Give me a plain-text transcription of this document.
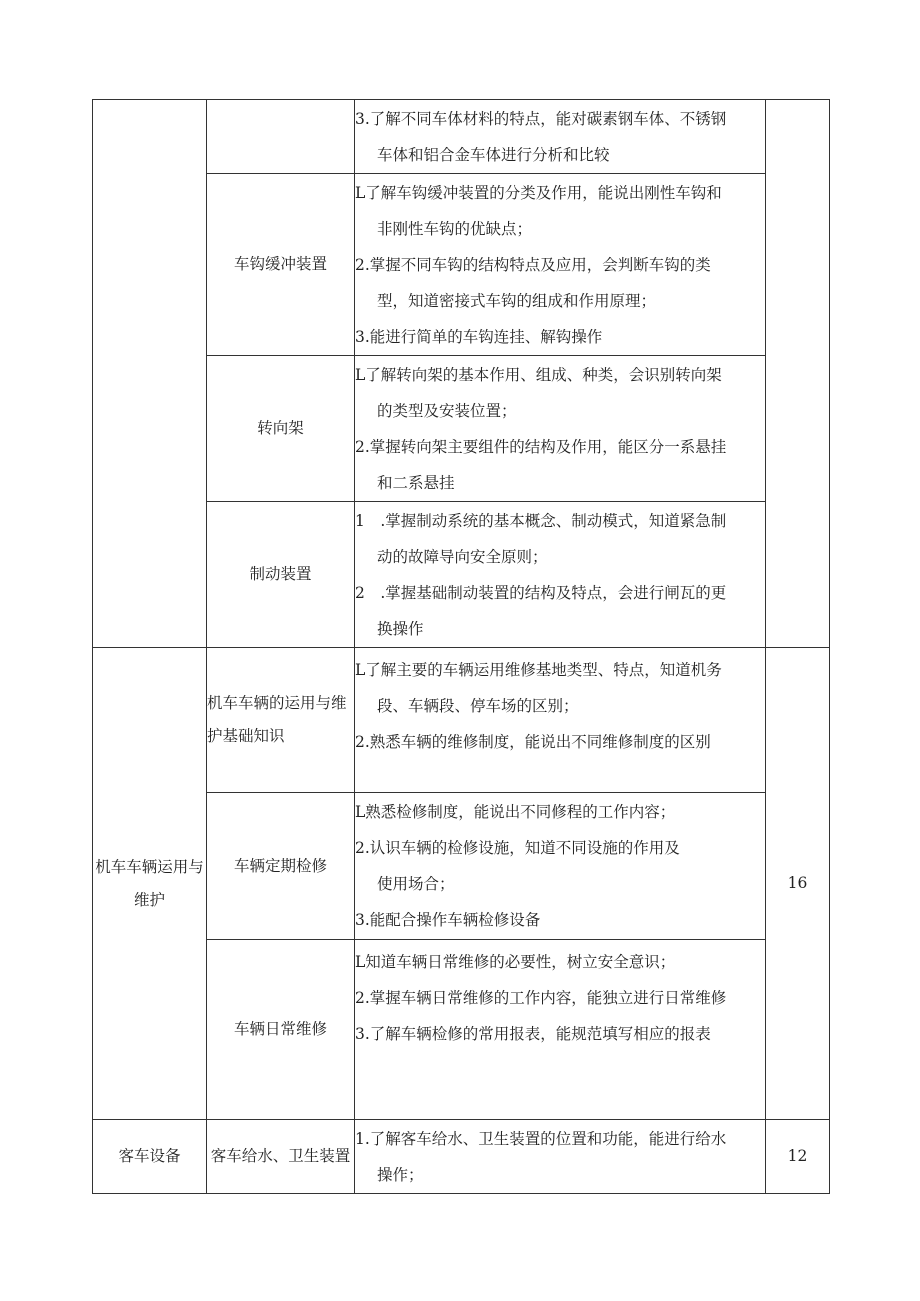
		3.了解不同车体材料的特点，能对碳素钢车体、不锈钢
车体和铝合金车体进行分析和比较	

	车钩缓冲装置	L了解车钩缓冲装置的分类及作用，能说出刚性车钩和
非刚性车钩的优缺点；
2.掌握不同车钩的结构特点及应用，会判断车钩的类
型，知道密接式车钩的组成和作用原理；
3.能进行简单的车钩连挂、解钩操作	

	转向架	L了解转向架的基本作用、组成、种类，会识别转向架
的类型及安装位置；
2.掌握转向架主要组件的结构及作用，能区分一系悬挂
和二系悬挂	

	制动装置	1　.掌握制动系统的基本概念、制动模式，知道紧急制
动的故障导向安全原则；
2　.掌握基础制动装置的结构及特点，会进行闸瓦的更
换操作	

机车车辆运用与维护	机车车辆的运用与维护基础知识	L了解主要的车辆运用维修基地类型、特点，知道机务
段、车辆段、停车场的区别；
2.熟悉车辆的维修制度，能说出不同维修制度的区别	16
	车辆定期检修	L熟悉检修制度，能说出不同修程的工作内容；
2.认识车辆的检修设施，知道不同设施的作用及
使用场合；
3.能配合操作车辆检修设备	

	车辆日常维修	L知道车辆日常维修的必要性，树立安全意识；
2.掌握车辆日常维修的工作内容，能独立进行日常维修
3.了解车辆检修的常用报表，能规范填写相应的报表	

客车设备	客车给水、卫生装置	1.了解客车给水、卫生装置的位置和功能，能进行给水
操作；	12
